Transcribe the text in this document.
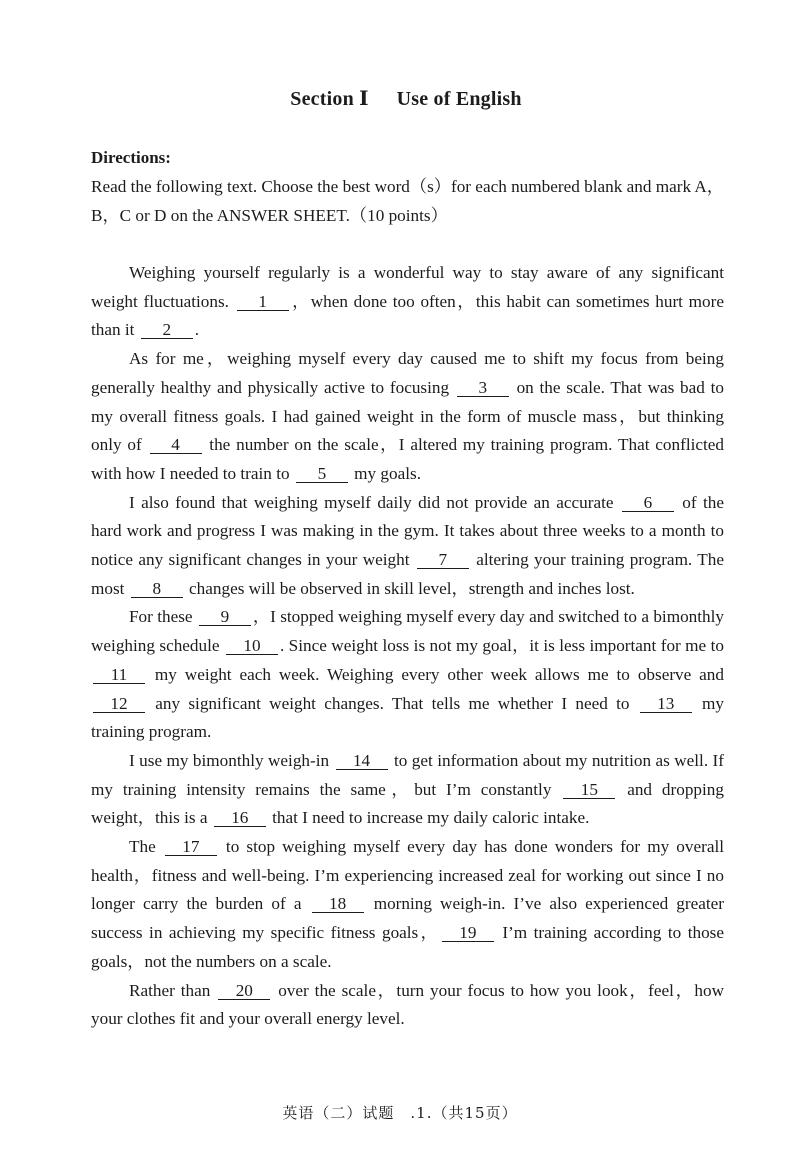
Section Ⅰ Use of English
Directions:
Read the following text. Choose the best word（s）for each numbered blank and mark A，B，C or D on the ANSWER SHEET.（10 points）

Weighing yourself regularly is a wonderful way to stay aware of any significant weight fluctuations. 1 ，when done too often，this habit can sometimes hurt more than it 2 .

As for me，weighing myself every day caused me to shift my focus from being generally healthy and physically active to focusing 3 on the scale. That was bad to my overall fitness goals. I had gained weight in the form of muscle mass，but thinking only of 4 the number on the scale，I altered my training program. That conflicted with how I needed to train to 5 my goals.

I also found that weighing myself daily did not provide an accurate 6 of the hard work and progress I was making in the gym. It takes about three weeks to a month to notice any significant changes in your weight 7 altering your training program. The most 8 changes will be observed in skill level，strength and inches lost.

For these 9 ，I stopped weighing myself every day and switched to a bimonthly weighing schedule 10 . Since weight loss is not my goal，it is less important for me to 11 my weight each week. Weighing every other week allows me to observe and 12 any significant weight changes. That tells me whether I need to 13 my training program.

I use my bimonthly weigh-in 14 to get information about my nutrition as well. If my training intensity remains the same，but I’m constantly 15 and dropping weight，this is a 16 that I need to increase my daily caloric intake.

The 17 to stop weighing myself every day has done wonders for my overall health，fitness and well-being. I’m experiencing increased zeal for working out since I no longer carry the burden of a 18 morning weigh-in. I’ve also experienced greater success in achieving my specific fitness goals， 19 I’m training according to those goals，not the numbers on a scale.

Rather than 20 over the scale，turn your focus to how you look，feel，how your clothes fit and your overall energy level.

英语（二）试题　.1.（共15页）
